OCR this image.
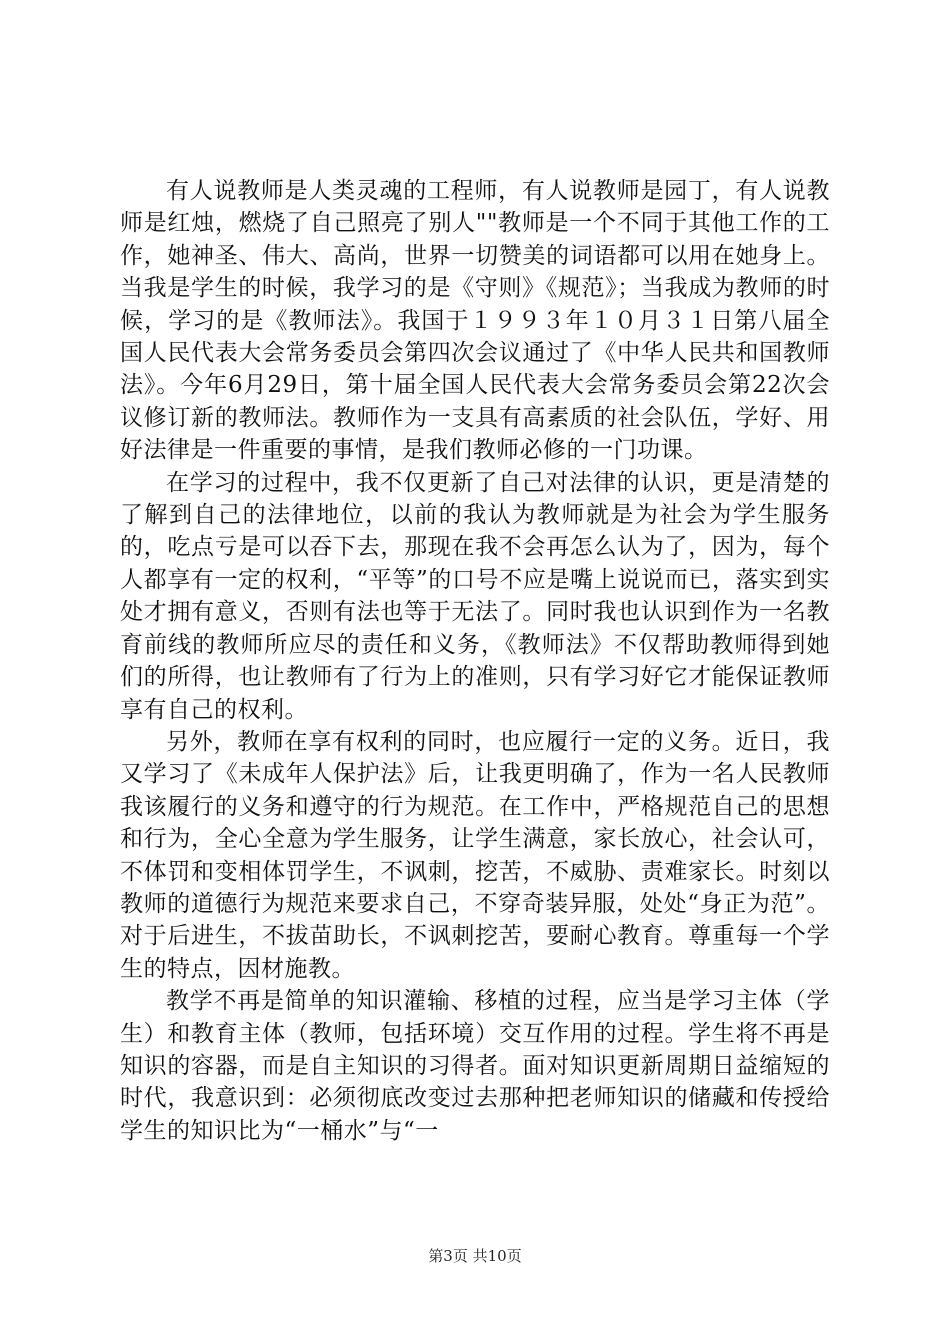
有人说教师是人类灵魂的工程师，有人说教师是园丁，有人说教师是红烛，燃烧了自己照亮了别人""教师是一个不同于其他工作的工作，她神圣、伟大、高尚，世界一切赞美的词语都可以用在她身上。当我是学生的时候，我学习的是《守则》《规范》；当我成为教师的时候，学习的是《教师法》。我国于１９９３年１０月３１日第八届全国人民代表大会常务委员会第四次会议通过了《中华人民共和国教师法》。今年6月29日，第十届全国人民代表大会常务委员会第22次会议修订新的教师法。教师作为一支具有高素质的社会队伍，学好、用好法律是一件重要的事情，是我们教师必修的一门功课。

在学习的过程中，我不仅更新了自己对法律的认识，更是清楚的了解到自己的法律地位，以前的我认为教师就是为社会为学生服务的，吃点亏是可以吞下去，那现在我不会再怎么认为了，因为，每个人都享有一定的权利，“平等”的口号不应是嘴上说说而已，落实到实处才拥有意义，否则有法也等于无法了。同时我也认识到作为一名教育前线的教师所应尽的责任和义务，《教师法》不仅帮助教师得到她们的所得，也让教师有了行为上的准则，只有学习好它才能保证教师享有自己的权利。

另外，教师在享有权利的同时，也应履行一定的义务。近日，我又学习了《未成年人保护法》后，让我更明确了，作为一名人民教师我该履行的义务和遵守的行为规范。在工作中，严格规范自己的思想和行为，全心全意为学生服务，让学生满意，家长放心，社会认可，不体罚和变相体罚学生，不讽刺，挖苦，不威胁、责难家长。时刻以教师的道德行为规范来要求自己，不穿奇装异服，处处“身正为范”。对于后进生，不拔苗助长，不讽刺挖苦，要耐心教育。尊重每一个学生的特点，因材施教。

教学不再是简单的知识灌输、移植的过程，应当是学习主体（学生）和教育主体（教师，包括环境）交互作用的过程。学生将不再是知识的容器，而是自主知识的习得者。面对知识更新周期日益缩短的时代，我意识到：必须彻底改变过去那种把老师知识的储藏和传授给学生的知识比为“一桶水”与“一

第3页 共10页
